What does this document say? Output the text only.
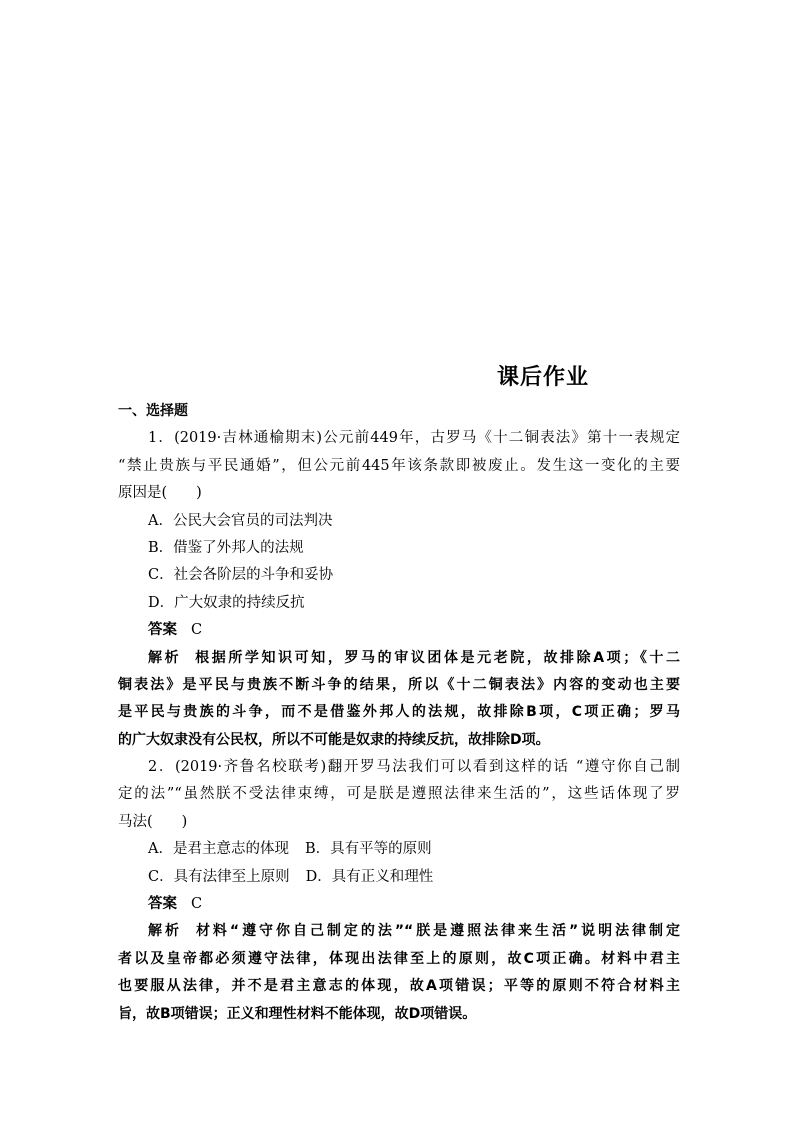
课后作业
一、选择题
1．(2019·吉林通榆期末)公元前449年，古罗马《十二铜表法》第十一表规定
“禁止贵族与平民通婚”，但公元前445年该条款即被废止。发生这一变化的主要
原因是(　　)
A．公民大会官员的司法判决
B．借鉴了外邦人的法规
C．社会各阶层的斗争和妥协
D．广大奴隶的持续反抗
答案 C
解析 根据所学知识可知，罗马的审议团体是元老院，故排除A项；《十二
铜表法》是平民与贵族不断斗争的结果，所以《十二铜表法》内容的变动也主要
是平民与贵族的斗争，而不是借鉴外邦人的法规，故排除B项，C项正确；罗马
的广大奴隶没有公民权，所以不可能是奴隶的持续反抗，故排除D项。
2．(2019·齐鲁名校联考)翻开罗马法我们可以看到这样的话 “遵守你自己制
定的法”“虽然朕不受法律束缚，可是朕是遵照法律来生活的”，这些话体现了罗
马法(　　)
A．是君主意志的体现 B．具有平等的原则
C．具有法律至上原则 D．具有正义和理性
答案 C
解析 材料“遵守你自己制定的法”“朕是遵照法律来生活”说明法律制定
者以及皇帝都必须遵守法律，体现出法律至上的原则，故C项正确。材料中君主
也要服从法律，并不是君主意志的体现，故A项错误；平等的原则不符合材料主
旨，故B项错误；正义和理性材料不能体现，故D项错误。
